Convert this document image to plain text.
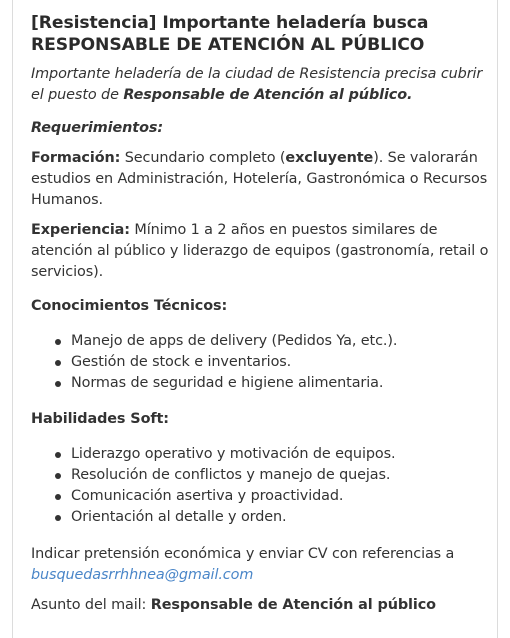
[Resistencia] Importante heladería busca
RESPONSABLE DE ATENCIÓN AL PÚBLICO

Importante heladería de la ciudad de Resistencia precisa cubrir el puesto de Responsable de Atención al público.

Requerimientos:

Formación: Secundario completo (excluyente). Se valorarán estudios en Administración, Hotelería, Gastronómica o Recursos Humanos.

Experiencia: Mínimo 1 a 2 años en puestos similares de atención al público y liderazgo de equipos (gastronomía, retail o servicios).

Conocimientos Técnicos:

Manejo de apps de delivery (Pedidos Ya, etc.).
Gestión de stock e inventarios.
Normas de seguridad e higiene alimentaria.

Habilidades Soft:

Liderazgo operativo y motivación de equipos.
Resolución de conflictos y manejo de quejas.
Comunicación asertiva y proactividad.
Orientación al detalle y orden.

Indicar pretensión económica y enviar CV con referencias a
busquedasrrhhnea@gmail.com

Asunto del mail: Responsable de Atención al público
